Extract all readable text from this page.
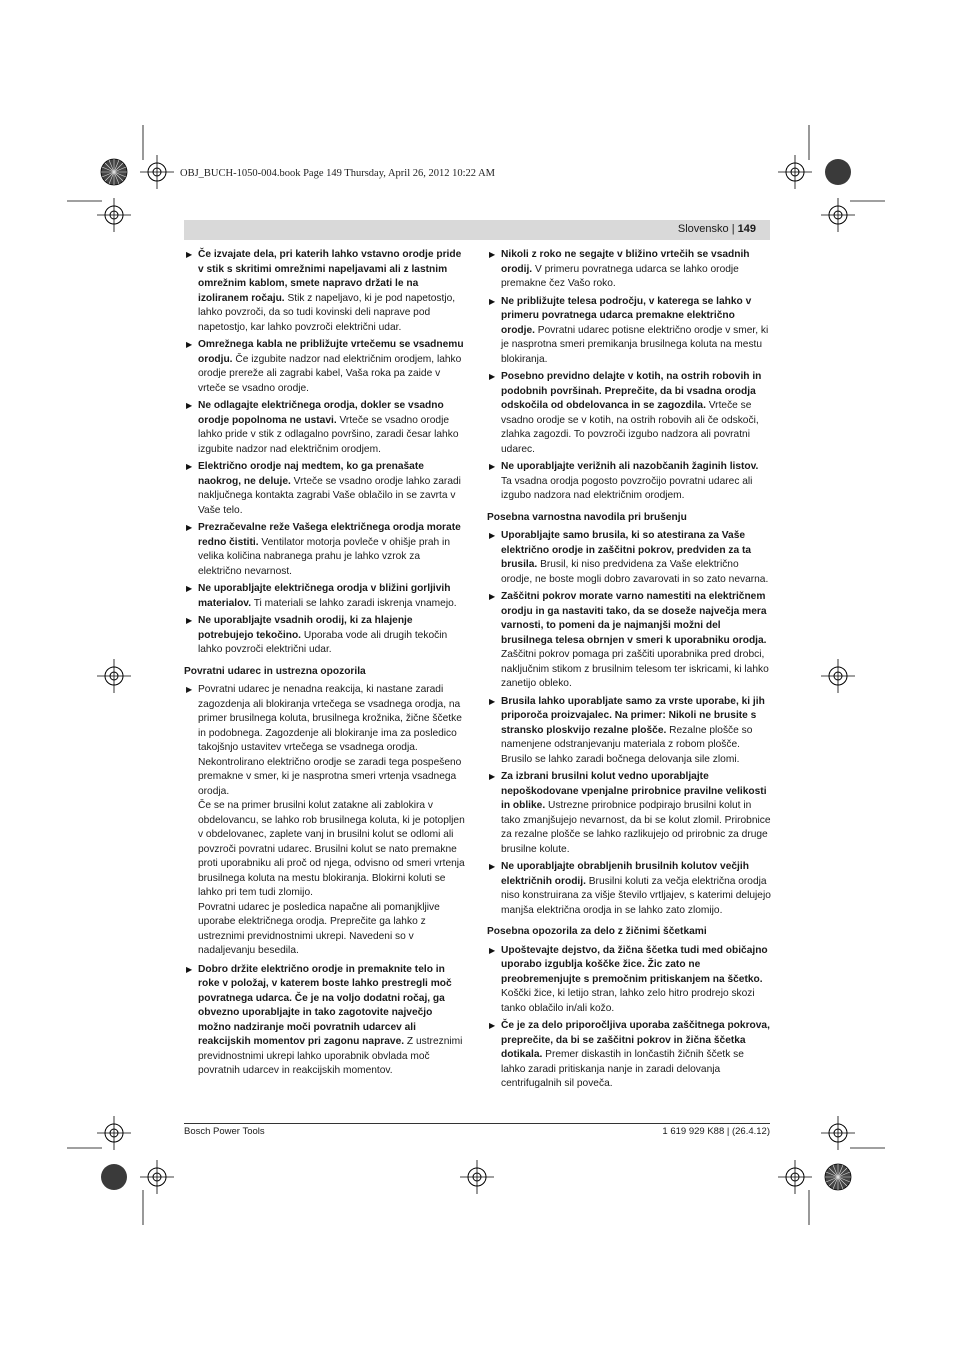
OBJ_BUCH-1050-004.book Page 149 Thursday, April 26, 2012 10:22 AM
Slovensko | 149
▶ Če izvajate dela, pri katerih lahko vstavno orodje pride v stik s skritimi omrežnimi napeljavami ali z lastnim omrežnim kablom, smete napravo držati le na izoliranem ročaju. Stik z napeljavo, ki je pod napetostjo, lahko povzroči, da so tudi kovinski deli naprave pod napetostjo, kar lahko povzroči električni udar.
▶ Omrežnega kabla ne približujte vrtečemu se vsadnemu orodju. Če izgubite nadzor nad električnim orodjem, lahko orodje prereže ali zagrabi kabel, Vaša roka pa zaide v vrteče se vsadno orodje.
▶ Ne odlagajte električnega orodja, dokler se vsadno orodje popolnoma ne ustavi. Vrteče se vsadno orodje lahko pride v stik z odlagalno površino, zaradi česar lahko izgubite nadzor nad električnim orodjem.
▶ Električno orodje naj medtem, ko ga prenašate naokrog, ne deluje. Vrteče se vsadno orodje lahko zaradi naključnega kontakta zagrabi Vaše oblačilo in se zavrta v Vaše telo.
▶ Prezračevalne reže Vašega električnega orodja morate redno čistiti. Ventilator motorja povleče v ohišje prah in velika količina nabranega prahu je lahko vzrok za električno nevarnost.
▶ Ne uporabljajte električnega orodja v bližini gorljivih materialov. Ti materiali se lahko zaradi iskrenja vnamejo.
▶ Ne uporabljajte vsadnih orodij, ki za hlajenje potrebujejo tekočino. Uporaba vode ali drugih tekočin lahko povzroči električni udar.
Povratni udarec in ustrezna opozorila
▶ Povratni udarec je nenadna reakcija, ki nastane zaradi zagozdenja ali blokiranja vrtečega se vsadnega orodja, na primer brusilnega koluta, brusilnega krožnika, žične ščetke in podobnega. Zagozdenje ali blokiranje ima za posledico takojšnjo ustavitev vrtečega se vsadnega orodja. Nekontrolirano električno orodje se zaradi tega pospešeno premakne v smer, ki je nasprotna smeri vrtenja vsadnega orodja.
Če se na primer brusilni kolut zatakne ali zablokira v obdelovancu, se lahko rob brusilnega koluta, ki je potopljen v obdelovanec, zaplete vanj in brusilni kolut se odlomi ali povzroči povratni udarec. Brusilni kolut se nato premakne proti uporabniku ali proč od njega, odvisno od smeri vrtenja brusilnega koluta na mestu blokiranja. Blokirni koluti se lahko pri tem tudi zlomijo.
Povratni udarec je posledica napačne ali pomanjkljive uporabe električnega orodja. Preprečite ga lahko z ustreznimi previdnostnimi ukrepi. Navedeni so v nadaljevanju besedila.
▶ Dobro držite električno orodje in premaknite telo in roke v položaj, v katerem boste lahko prestregli moč povratnega udarca. Če je na voljo dodatni ročaj, ga obvezno uporabljajte in tako zagotovite največjo možno nadziranje moči povratnih udarcev ali reakcijskih momentov pri zagonu naprave. Z ustreznimi previdnostnimi ukrepi lahko uporabnik obvlada moč povratnih udarcev in reakcijskih momentov.
▶ Nikoli z roko ne segajte v bližino vrtečih se vsadnih orodij. V primeru povratnega udarca se lahko orodje premakne čez Vašo roko.
▶ Ne približujte telesa področju, v katerega se lahko v primeru povratnega udarca premakne električno orodje. Povratni udarec potisne električno orodje v smer, ki je nasprotna smeri premikanja brusilnega koluta na mestu blokiranja.
▶ Posebno previdno delajte v kotih, na ostrih robovih in podobnih površinah. Preprečite, da bi vsadna orodja odskočila od obdelovanca in se zagozdila. Vrteče se vsadno orodje se v kotih, na ostrih robovih ali če odskoči, zlahka zagozdi. To povzroči izgubo nadzora ali povratni udarec.
▶ Ne uporabljajte verižnih ali nazobčanih žaginih listov. Ta vsadna orodja pogosto povzročijo povratni udarec ali izgubo nadzora nad električnim orodjem.
Posebna varnostna navodila pri brušenju
▶ Uporabljajte samo brusila, ki so atestirana za Vaše električno orodje in zaščitni pokrov, predviden za ta brusila. Brusil, ki niso predvidena za Vaše električno orodje, ne boste mogli dobro zavarovati in so zato nevarna.
▶ Zaščitni pokrov morate varno namestiti na električnem orodju in ga nastaviti tako, da se doseže največja mera varnosti, to pomeni da je najmanjši možni del brusilnega telesa obrnjen v smeri k uporabniku orodja. Zaščitni pokrov pomaga pri zaščiti uporabnika pred drobci, naključnim stikom z brusilnim telesom ter iskricami, ki lahko zanetijo obleko.
▶ Brusila lahko uporabljate samo za vrste uporabe, ki jih priporoča proizvajalec. Na primer: Nikoli ne brusite s stransko ploskvijo rezalne plošče. Rezalne plošče so namenjene odstranjevanju materiala z robom plošče. Brusilo se lahko zaradi bočnega delovanja sile zlomi.
▶ Za izbrani brusilni kolut vedno uporabljajte nepoškodovane vpenjalne prirobnice pravilne velikosti in oblike. Ustrezne prirobnice podpirajo brusilni kolut in tako zmanjšujejo nevarnost, da bi se kolut zlomil. Prirobnice za rezalne plošče se lahko razlikujejo od prirobnic za druge brusilne kolute.
▶ Ne uporabljajte obrabljenih brusilnih kolutov večjih električnih orodij. Brusilni koluti za večja električna orodja niso konstruirana za višje število vrtljajev, s katerimi delujejo manjša električna orodja in se lahko zato zlomijo.
Posebna opozorila za delo z žičnimi ščetkami
▶ Upoštevajte dejstvo, da žična ščetka tudi med običajno uporabo izgublja koščke žice. Žic zato ne preobremenjujte s premočnim pritiskanjem na ščetko. Koščki žice, ki letijo stran, lahko zelo hitro prodrejo skozi tanko oblačilo in/ali kožo.
▶ Če je za delo priporočljiva uporaba zaščitnega pokrova, preprečite, da bi se zaščitni pokrov in žična ščetka dotikala. Premer diskastih in lončastih žičnih ščetk se lahko zaradi pritiskanja nanje in zaradi delovanja centrifugalnih sil poveča.
Bosch Power Tools	1 619 929 K88 | (26.4.12)
